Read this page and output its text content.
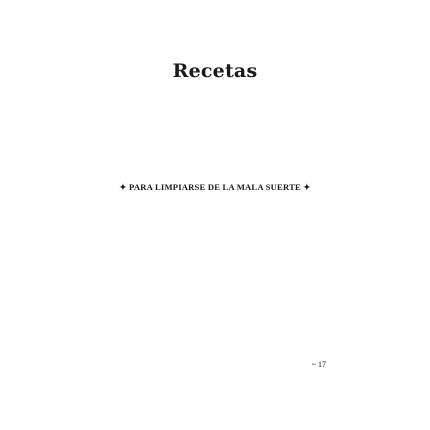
Recetas
✦ PARA LIMPIARSE DE LA MALA SUERTE ✦
~ 17
